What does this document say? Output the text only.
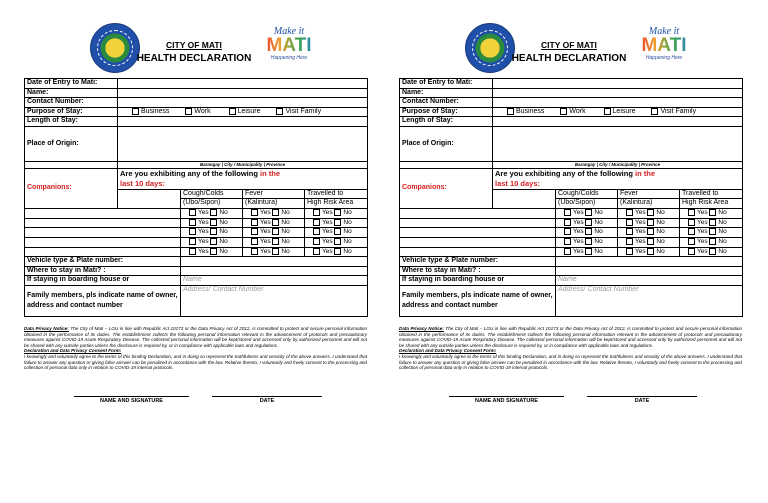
CITY OF MATI
HEALTH DECLARATION
Make it
MATI
Happening Here
Date of Entry to Mati:				
Name:				
Contact Number:				
Purpose of Stay:	Business Work Leisure Visit Family			
Length of Stay:				
Place of Origin:				
	Barangay | City / Municipality | Province			
Companions:	Are you exhibiting any of the following in the
last 10 days:			
		Cough/Colds	Fever	Travelled to
		(Ubo/Sipon)	(Kalintura)	High Risk Area
		Yes No	Yes No	Yes No
		Yes No	Yes No	Yes No
		Yes No	Yes No	Yes No
		Yes No	Yes No	Yes No
		Yes No	Yes No	Yes No
Vehicle type & Plate number:				
Where to stay in Mati? :				
If staying in boarding house or		Name		
Family members, pls indicate name of owner, address and contact number		Address/ Contact Number		
Data Privacy Notice: The City of Mati – LGU in line with Republic Act 10173 or the Data Privacy Act of 2012, is committed to protect and secure personal information obtained in the performance of its duties. The establishment collects the following personal information relevant in the advancement of protocols and precautionary measures against COVID-19 Acute Respiratory Disease. The collected personal information will be kept/stored and accessed only by authorized personnel and will not be shared with any outside parties unless the disclosure is required by, or in compliance with applicable laws and regulations.
Declaration and Data Privacy Consent Form:
I knowingly and voluntarily agree to the terms of this binding Declaration, and in doing so represent the truthfulness and veracity of the above answers. I understand that failure to answer any question or giving false answer can be penalized in accordance with the law. Relative thereto, I voluntarily and freely consent to the processing and collection of personal data only in relation to COVID-19 internal protocols.
NAME AND SIGNATURE	DATE
CITY OF MATI
HEALTH DECLARATION
Make it
MATI
Happening Here
Date of Entry to Mati:				
Name:				
Contact Number:				
Purpose of Stay:	Business Work Leisure Visit Family			
Length of Stay:				
Place of Origin:				
	Barangay | City / Municipality | Province			
Companions:	Are you exhibiting any of the following in the
last 10 days:			
		Cough/Colds	Fever	Travelled to
		(Ubo/Sipon)	(Kalintura)	High Risk Area
		Yes No	Yes No	Yes No
		Yes No	Yes No	Yes No
		Yes No	Yes No	Yes No
		Yes No	Yes No	Yes No
		Yes No	Yes No	Yes No
Vehicle type & Plate number:				
Where to stay in Mati? :				
If staying in boarding house or		Name		
Family members, pls indicate name of owner, address and contact number		Address/ Contact Number		
Data Privacy Notice: The City of Mati – LGU in line with Republic Act 10173 or the Data Privacy Act of 2012, is committed to protect and secure personal information obtained in the performance of its duties. The establishment collects the following personal information relevant in the advancement of protocols and precautionary measures against COVID-19 Acute Respiratory Disease. The collected personal information will be kept/stored and accessed only by authorized personnel and will not be shared with any outside parties unless the disclosure is required by, or in compliance with applicable laws and regulations.
Declaration and Data Privacy Consent Form:
I knowingly and voluntarily agree to the terms of this binding Declaration, and in doing so represent the truthfulness and veracity of the above answers. I understand that failure to answer any question or giving false answer can be penalized in accordance with the law. Relative thereto, I voluntarily and freely consent to the processing and collection of personal data only in relation to COVID-19 internal protocols.
NAME AND SIGNATURE	DATE
